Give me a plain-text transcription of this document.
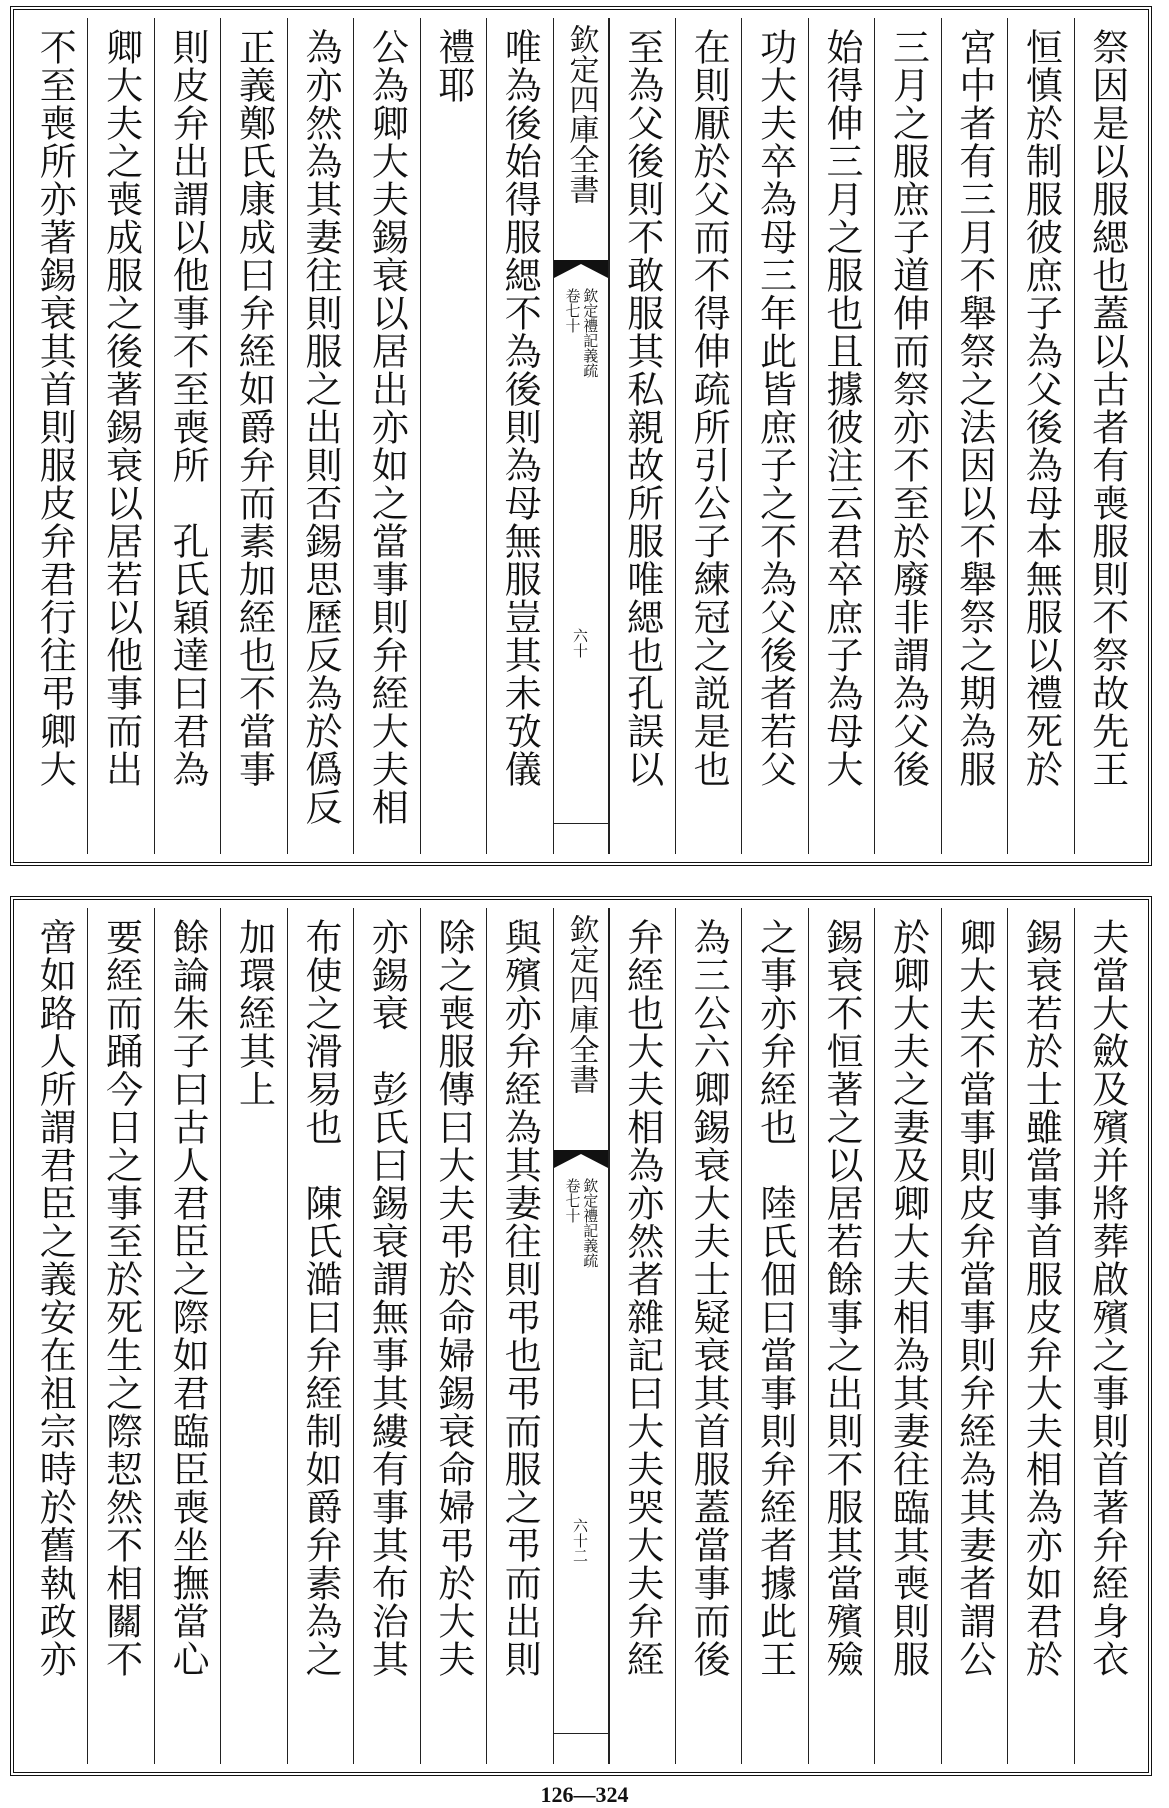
祭因是以服緦也蓋以古者有喪服則不祭故先王
恒慎於制服彼庶子為父後為母本無服以禮死於
宮中者有三月不舉祭之法因以不舉祭之期為服
三月之服庶子道伸而祭亦不至於廢非謂為父後
始得伸三月之服也且據彼注云君卒庶子為母大
功大夫卒為母三年此皆庶子之不為父後者若父
在則厭於父而不得伸疏所引公子練冠之説是也
至為父後則不敢服其私親故所服唯緦也孔誤以
欽定四庫全書
欽定禮記義疏
卷七十
六十
唯為後始得服緦不為後則為母無服豈其未攷儀
禮耶
公為卿大夫錫衰以居出亦如之當事則弁絰大夫相
為亦然為其妻往則服之出則否錫思歷反為於僞反
正義鄭氏康成曰弁絰如爵弁而素加絰也不當事
則皮弁出謂以他事不至喪所　孔氏穎達曰君為
卿大夫之喪成服之後著錫衰以居若以他事而出
不至喪所亦著錫衰其首則服皮弁君行往弔卿大
夫當大斂及殯并將葬啟殯之事則首著弁絰身衣
錫衰若於士雖當事首服皮弁大夫相為亦如君於
卿大夫不當事則皮弁當事則弁絰為其妻者謂公
於卿大夫之妻及卿大夫相為其妻往臨其喪則服
錫衰不恒著之以居若餘事之出則不服其當殯殮
之事亦弁絰也　陸氏佃曰當事則弁絰者據此王
為三公六卿錫衰大夫士疑衰其首服蓋當事而後
弁絰也大夫相為亦然者雜記曰大夫哭大夫弁絰
欽定四庫全書
欽定禮記義疏
卷七十
六十二
與殯亦弁絰為其妻往則弔也弔而服之弔而出則
除之喪服傳曰大夫弔於命婦錫衰命婦弔於大夫
亦錫衰　彭氏曰錫衰謂無事其縷有事其布治其
布使之滑易也　陳氏澔曰弁絰制如爵弁素為之
加環絰其上
餘論朱子曰古人君臣之際如君臨臣喪坐撫當心
要絰而踊今日之事至於死生之際恝然不相關不
啻如路人所謂君臣之義安在祖宗時於舊執政亦
126—324
